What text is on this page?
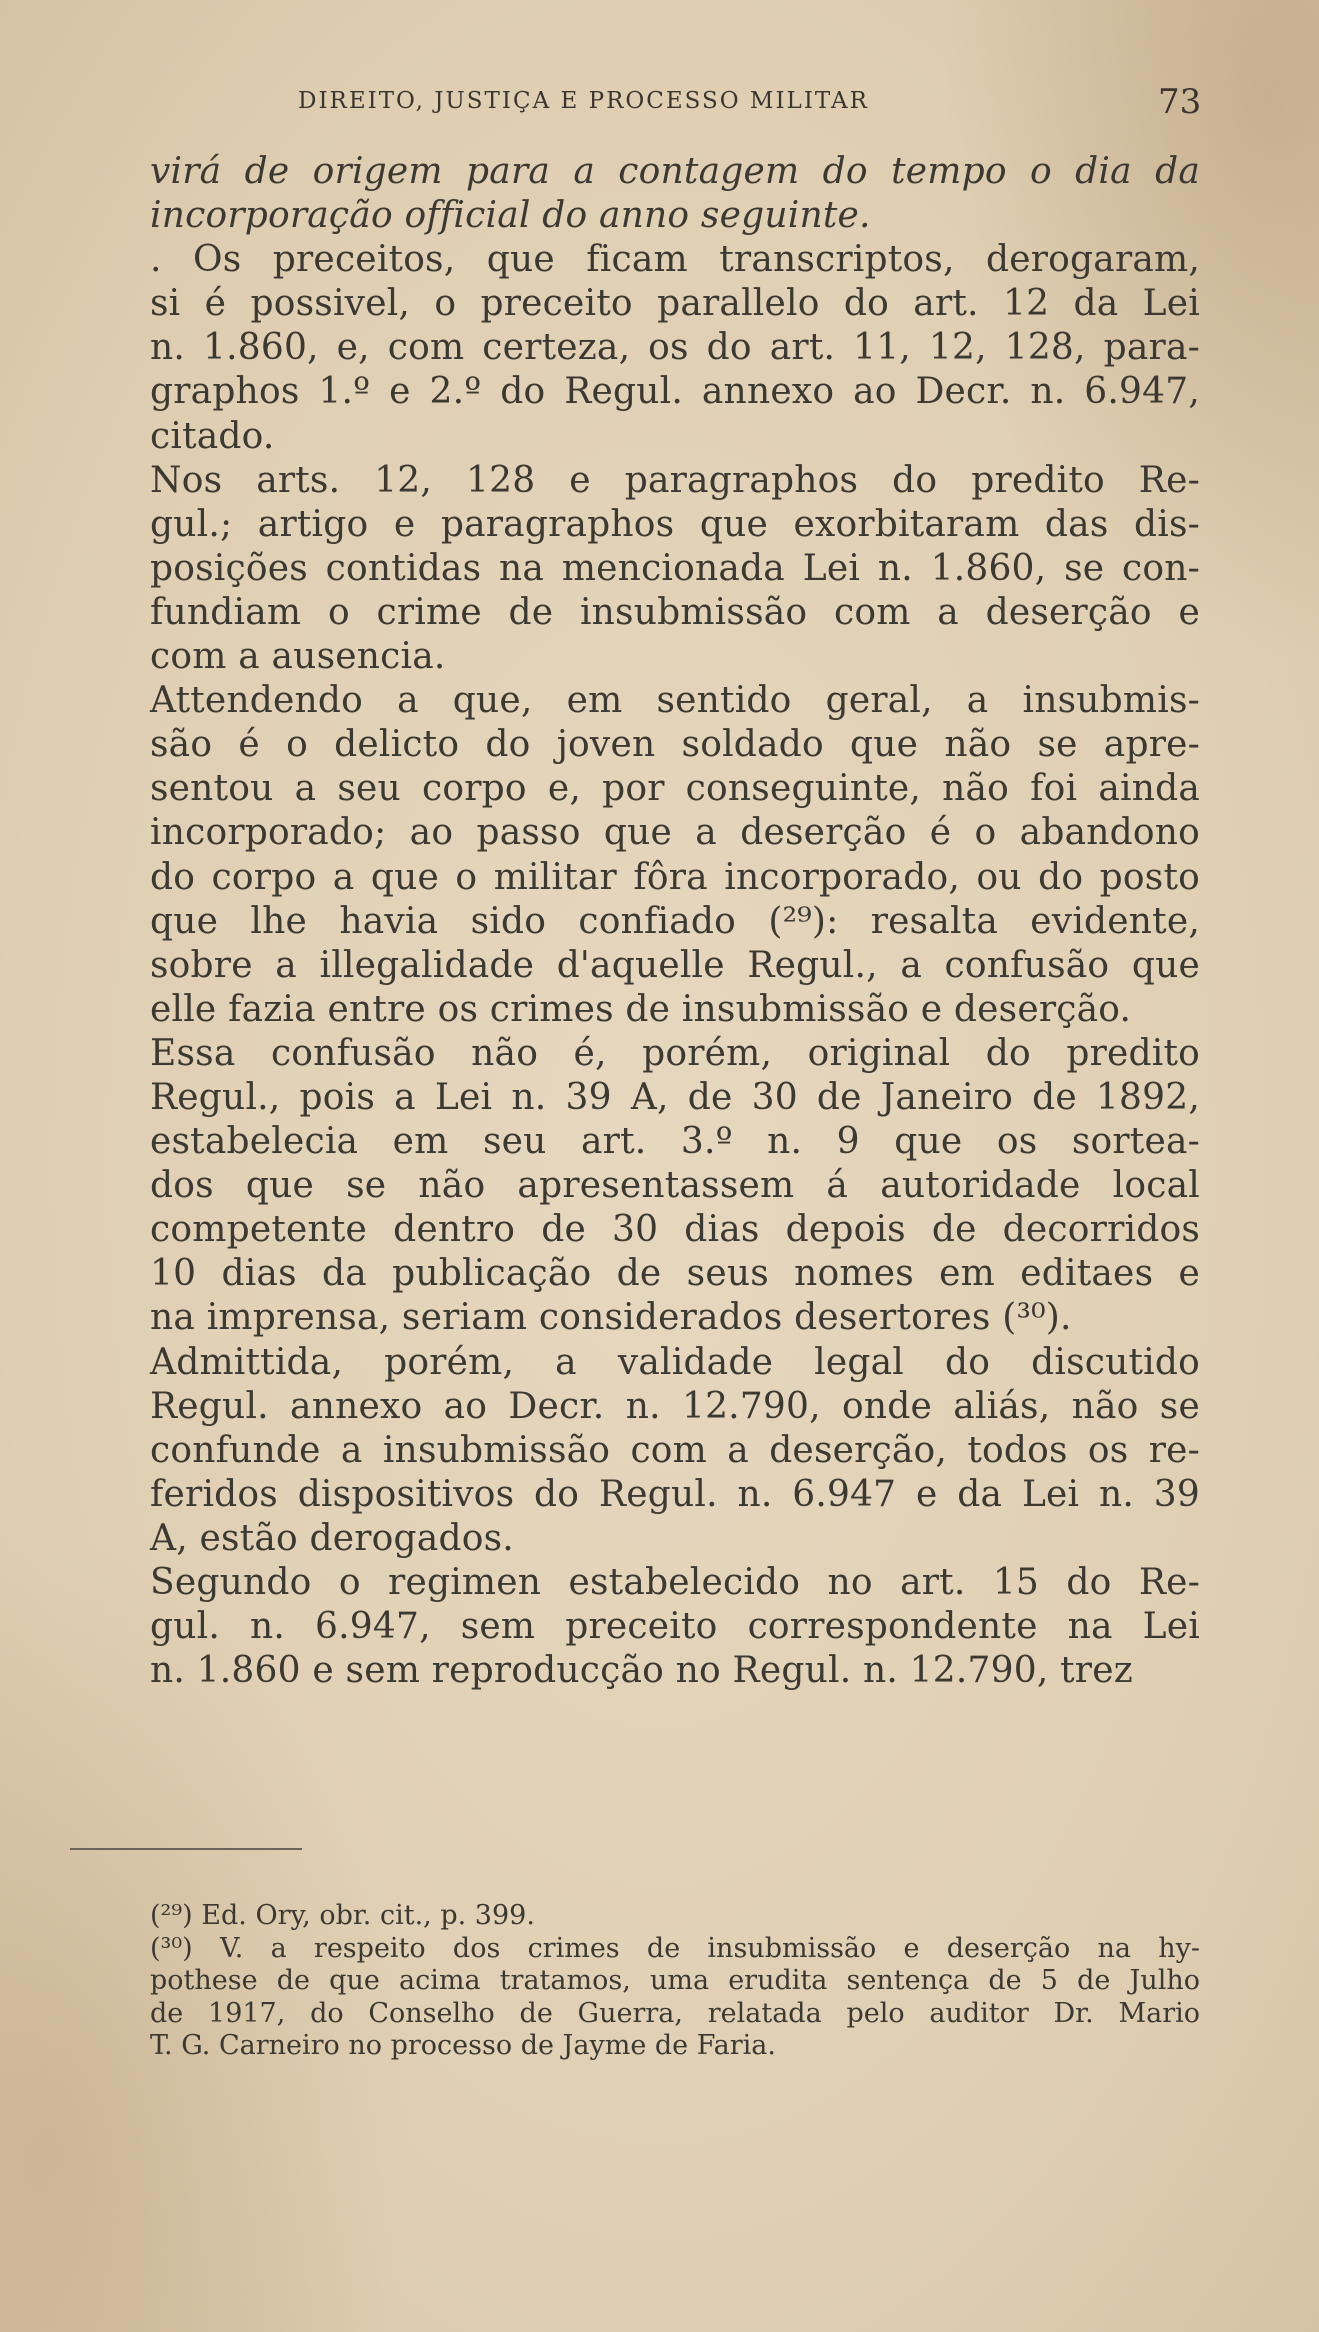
DIREITO, JUSTIÇA E PROCESSO MILITAR	73
virá de origem para a contagem do tempo o dia da
incorporação official do anno seguinte.
. Os preceitos, que ficam transcriptos, derogaram,
si é possivel, o preceito parallelo do art. 12 da Lei
n. 1.860, e, com certeza, os do art. 11, 12, 128, para-
graphos 1.º e 2.º do Regul. annexo ao Decr. n. 6.947,
citado.
Nos arts. 12, 128 e paragraphos do predito Re-
gul.; artigo e paragraphos que exorbitaram das dis-
posições contidas na mencionada Lei n. 1.860, se con-
fundiam o crime de insubmissão com a deserção e
com a ausencia.
Attendendo a que, em sentido geral, a insubmis-
são é o delicto do joven soldado que não se apre-
sentou a seu corpo e, por conseguinte, não foi ainda
incorporado; ao passo que a deserção é o abandono
do corpo a que o militar fôra incorporado, ou do posto
que lhe havia sido confiado (²⁹): resalta evidente,
sobre a illegalidade d'aquelle Regul., a confusão que
elle fazia entre os crimes de insubmissão e deserção.
Essa confusão não é, porém, original do predito
Regul., pois a Lei n. 39 A, de 30 de Janeiro de 1892,
estabelecia em seu art. 3.º n. 9 que os sortea-
dos que se não apresentassem á autoridade local
competente dentro de 30 dias depois de decorridos
10 dias da publicação de seus nomes em editaes e
na imprensa, seriam considerados desertores (³⁰).
Admittida, porém, a validade legal do discutido
Regul. annexo ao Decr. n. 12.790, onde aliás, não se
confunde a insubmissão com a deserção, todos os re-
feridos dispositivos do Regul. n. 6.947 e da Lei n. 39
A, estão derogados.
Segundo o regimen estabelecido no art. 15 do Re-
gul. n. 6.947, sem preceito correspondente na Lei
n. 1.860 e sem reproducção no Regul. n. 12.790, trez
(²⁹) Ed. Ory, obr. cit., p. 399.
(³⁰) V. a respeito dos crimes de insubmissão e deserção na hy-
pothese de que acima tratamos, uma erudita sentença de 5 de Julho
de 1917, do Conselho de Guerra, relatada pelo auditor Dr. Mario
T. G. Carneiro no processo de Jayme de Faria.
